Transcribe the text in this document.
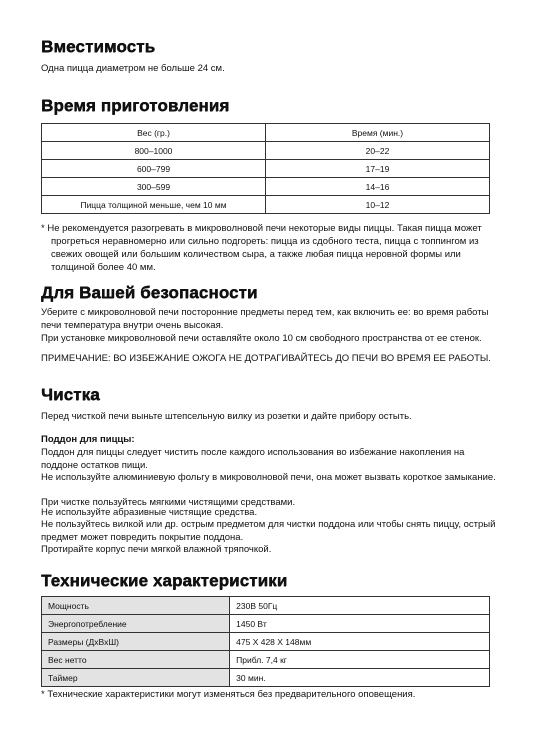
Вместимость

Одна пицца диаметром не больше 24 см.

Время приготовления
Вес (гр.)	Время (мин.)
800–1000	20–22
600–799	17–19
300–599	14–16
Пицца толщиной меньше, чем 10 мм	10–12

* Не рекомендуется разогревать в микроволновой печи некоторые виды пиццы. Такая пицца может прогреться неравномерно или сильно подгореть: пицца из сдобного теста, пицца с топпингом из свежих овощей или большим количеством сыра, а также любая пицца неровной формы или толщиной более 40 мм.

Для Вашей безопасности

Уберите с микроволновой печи посторонние предметы перед тем, как включить ее: во время работы печи температура внутри очень высокая.

При установке микроволновой печи оставляйте около 10 см свободного пространства от ее стенок.

ПРИМЕЧАНИЕ: ВО ИЗБЕЖАНИЕ ОЖОГА НЕ ДОТРАГИВАЙТЕСЬ ДО ПЕЧИ ВО ВРЕМЯ ЕЕ РАБОТЫ.

Чистка

Перед чисткой печи выньте штепсельную вилку из розетки и дайте прибору остыть.

Поддон для пиццы:

Поддон для пиццы следует чистить после каждого использования во избежание накопления на поддоне остатков пищи.

Не используйте алюминиевую фольгу в микроволновой печи, она может вызвать короткое замыкание.

При чистке пользуйтесь мягкими чистящими средствами.

Не используйте абразивные чистящие средства.

Не пользуйтесь вилкой или др. острым предметом для чистки поддона или чтобы снять пиццу, острый предмет может повредить покрытие поддона.

Протирайте корпус печи мягкой влажной тряпочкой.

Технические характеристики
Мощность	230В 50Гц
Энергопотребление	1450 Вт
Размеры (ДхВхШ)	475 X 428 X 148мм
Вес нетто	Прибл. 7,4 кг
Таймер	30 мин.

* Технические характеристики могут изменяться без предварительного оповещения.
